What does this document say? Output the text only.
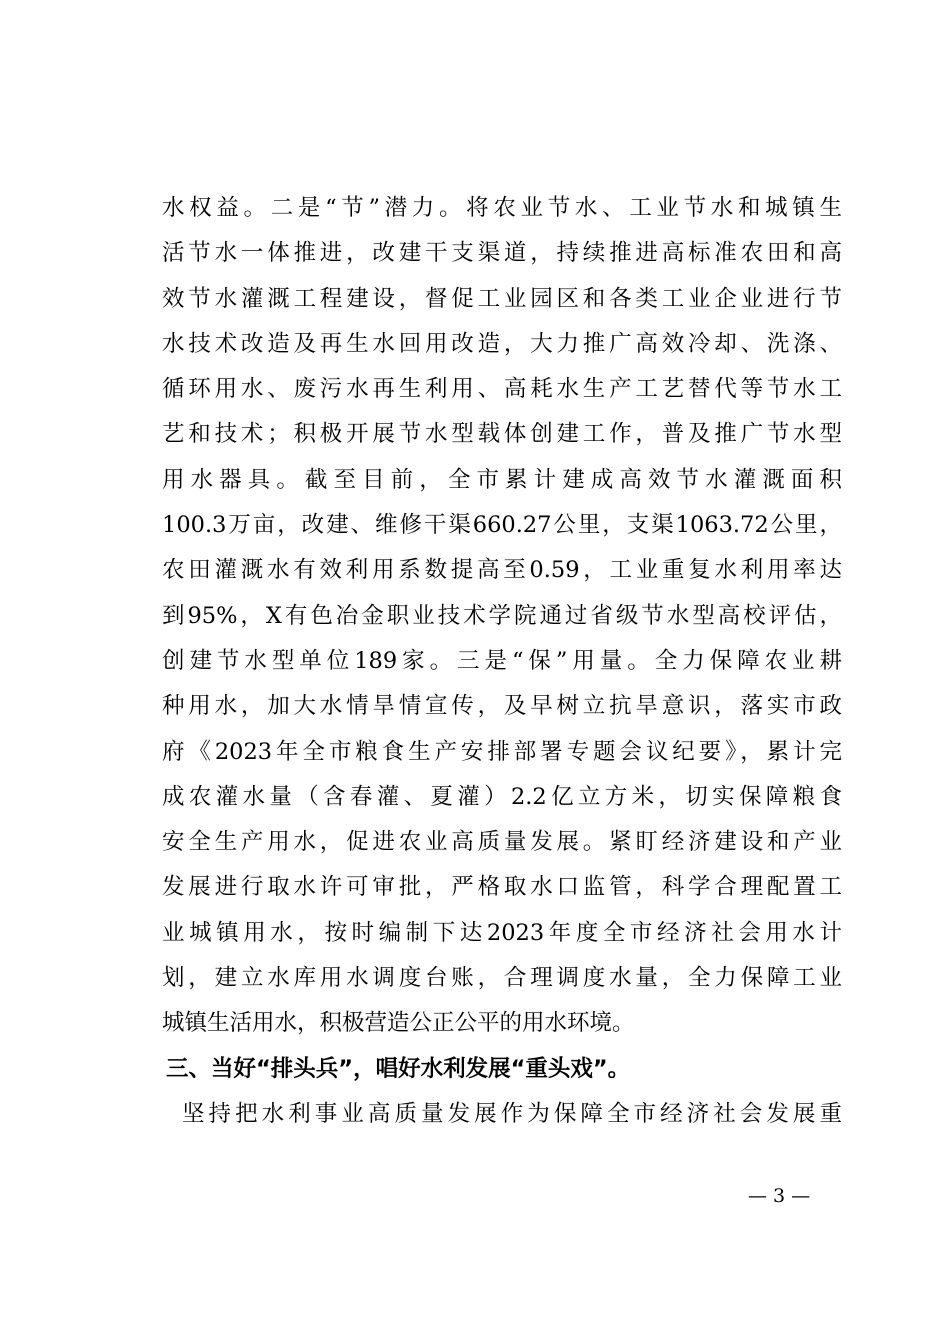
水权益。二是“节”潜力。将农业节水、工业节水和城镇生
活节水一体推进，改建干支渠道，持续推进高标准农田和高
效节水灌溉工程建设，督促工业园区和各类工业企业进行节
水技术改造及再生水回用改造，大力推广高效冷却、洗涤、
循环用水、废污水再生利用、高耗水生产工艺替代等节水工
艺和技术；积极开展节水型载体创建工作，普及推广节水型
用水器具。截至目前，全市累计建成高效节水灌溉面积
100.3万亩，改建、维修干渠660.27公里，支渠1063.72公里，
农田灌溉水有效利用系数提高至0.59，工业重复水利用率达
到95%，X有色冶金职业技术学院通过省级节水型高校评估，
创建节水型单位189家。三是“保”用量。全力保障农业耕
种用水，加大水情旱情宣传，及早树立抗旱意识，落实市政
府《2023年全市粮食生产安排部署专题会议纪要》，累计完
成农灌水量（含春灌、夏灌）2.2亿立方米，切实保障粮食
安全生产用水，促进农业高质量发展。紧盯经济建设和产业
发展进行取水许可审批，严格取水口监管，科学合理配置工
业城镇用水，按时编制下达2023年度全市经济社会用水计
划，建立水库用水调度台账，合理调度水量，全力保障工业
城镇生活用水，积极营造公正公平的用水环境。
三、当好“排头兵”，唱好水利发展“重头戏”。
坚持把水利事业高质量发展作为保障全市经济社会发展重
— 3 —
